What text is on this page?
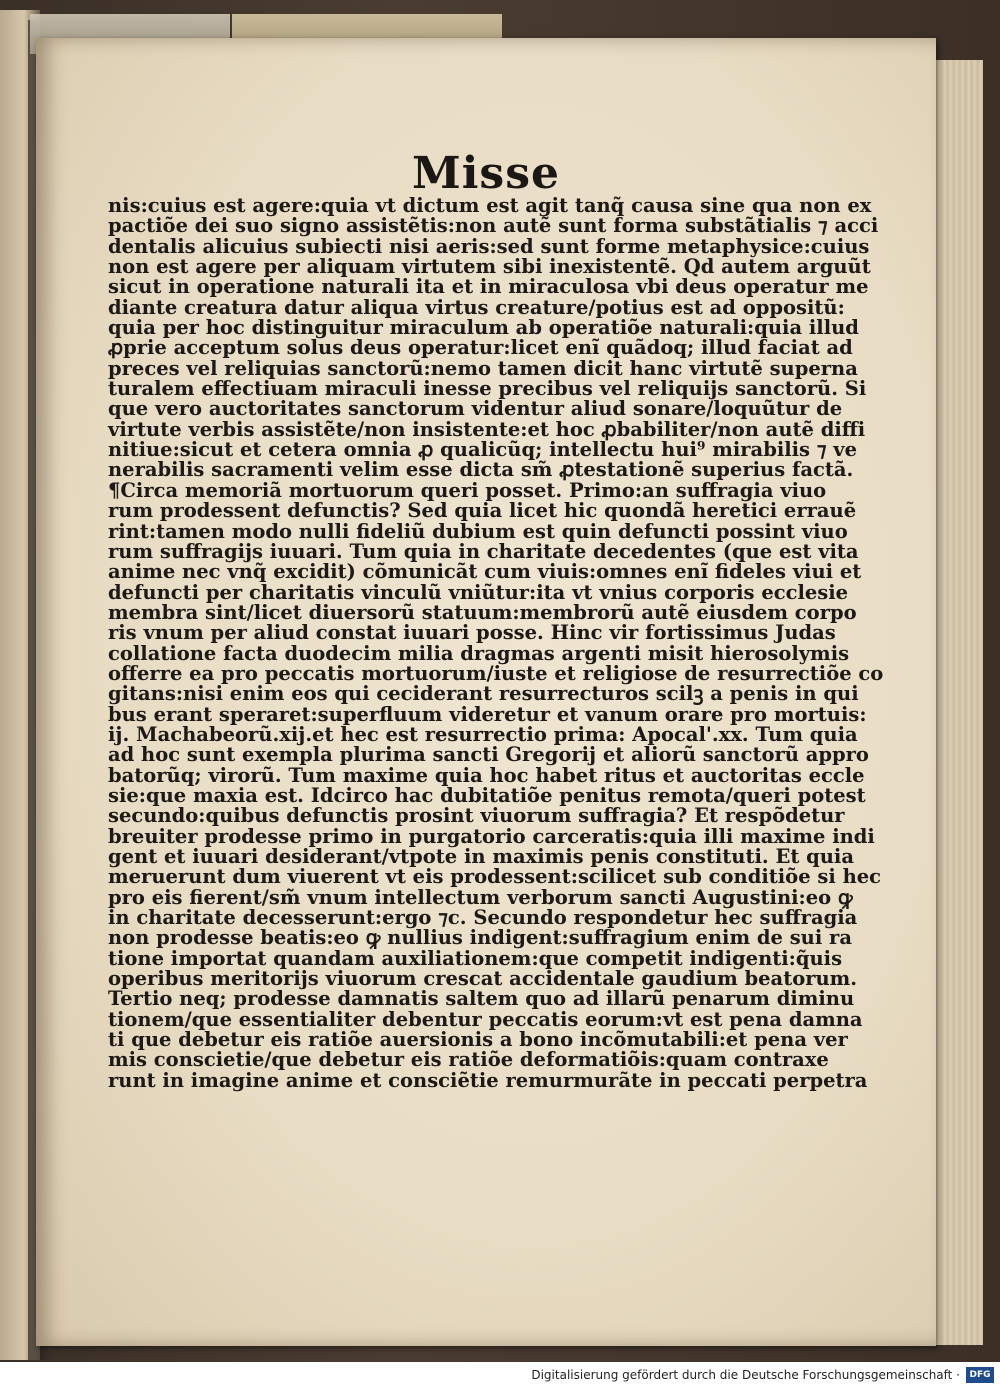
Misse
nis:cuius est agere:quia vt dictum est agit tanq̃ causa sine qua non ex
pactiõe dei suo signo assistẽtis:non autẽ sunt forma substãtialis ⁊ acci
dentalis alicuius subiecti nisi aeris:sed sunt forme metaphysice:cuius
non est agere per aliquam virtutem sibi inexistentẽ. Qd autem arguũt
sicut in operatione naturali ita et in miraculosa vbi deus operatur me
diante creatura datur aliqua virtus creature/potius est ad oppositũ:
quia per hoc distinguitur miraculum ab operatiõe naturali:quia illud
ꝓprie acceptum solus deus operatur:licet enĩ quãdoq; illud faciat ad
preces vel reliquias sanctorũ:nemo tamen dicit hanc virtutẽ superna
turalem effectiuam miraculi inesse precibus vel reliquijs sanctorũ. Si
que vero auctoritates sanctorum videntur aliud sonare/loquũtur de
virtute verbis assistẽte/non insistente:et hoc ꝓbabiliter/non autẽ diffi
nitiue:sicut et cetera omnia ꝓ qualicũq; intellectu hui⁹ mirabilis ⁊ ve
nerabilis sacramenti velim esse dicta sm̃ ꝓtestationẽ superius factã.
¶Circa memoriã mortuorum queri posset. Primo:an suffragia viuo
rum prodessent defunctis? Sed quia licet hic quondã heretici errauẽ
rint:tamen modo nulli fideliũ dubium est quin defuncti possint viuo
rum suffragijs iuuari. Tum quia in charitate decedentes (que est vita
anime nec vnq̃ excidit) cõmunicãt cum viuis:omnes enĩ fideles viui et
defuncti per charitatis vinculũ vniũtur:ita vt vnius corporis ecclesie
membra sint/licet diuersorũ statuum:membrorũ autẽ eiusdem corpo
ris vnum per aliud constat iuuari posse. Hinc vir fortissimus Judas
collatione facta duodecim milia dragmas argenti misit hierosolymis
offerre ea pro peccatis mortuorum/iuste et religiose de resurrectiõe co
gitans:nisi enim eos qui ceciderant resurrecturos scilꝫ a penis in qui
bus erant speraret:superfluum videretur et vanum orare pro mortuis:
ij. Machabeorũ.xij.et hec est resurrectio prima: Apocal'.xx. Tum quia
ad hoc sunt exempla plurima sancti Gregorij et aliorũ sanctorũ appro
batorũq; virorũ. Tum maxime quia hoc habet ritus et auctoritas eccle
sie:que maxia est. Idcirco hac dubitatiõe penitus remota/queri potest
secundo:quibus defunctis prosint viuorum suffragia? Et respõdetur
breuiter prodesse primo in purgatorio carceratis:quia illi maxime indi
gent et iuuari desiderant/vtpote in maximis penis constituti. Et quia
meruerunt dum viuerent vt eis prodessent:scilicet sub conditiõe si hec
pro eis fierent/sm̃ vnum intellectum verborum sancti Augustini:eo ꝙ
in charitate decesserunt:ergo ⁊c. Secundo respondetur hec suffragia
non prodesse beatis:eo ꝙ nullius indigent:suffragium enim de sui ra
tione importat quandam auxiliationem:que competit indigenti:q̃uis
operibus meritorijs viuorum crescat accidentale gaudium beatorum.
Tertio neq; prodesse damnatis saltem quo ad illarũ penarum diminu
tionem/que essentialiter debentur peccatis eorum:vt est pena damna
ti que debetur eis ratiõe auersionis a bono incõmutabili:et pena ver
mis conscietie/que debetur eis ratiõe deformatiõis:quam contraxe
runt in imagine anime et consciẽtie remurmurãte in peccati perpetra
Digitalisierung gefördert durch die Deutsche Forschungsgemeinschaft ·	DFG
